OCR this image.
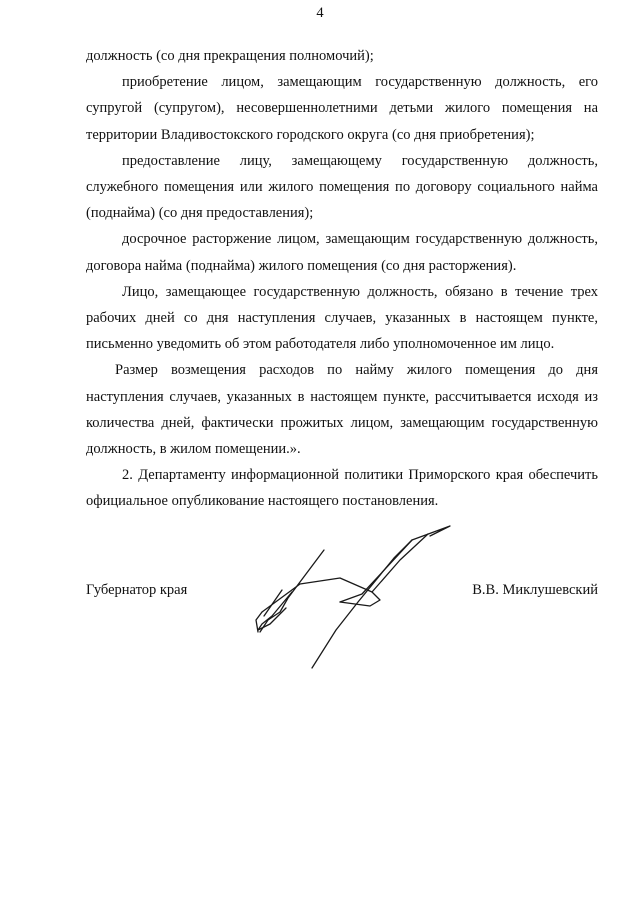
4

должность (со дня прекращения полномочий);

приобретение лицом, замещающим государственную должность, его супругой (супругом), несовершеннолетними детьми жилого помещения на территории Владивостокского городского округа (со дня приобретения);

предоставление лицу, замещающему государственную должность, служебного помещения или жилого помещения по договору социального найма (поднайма) (со дня предоставления);

досрочное расторжение лицом, замещающим государственную должность, договора найма (поднайма) жилого помещения (со дня расторжения).

Лицо, замещающее государственную должность, обязано в течение трех рабочих дней со дня наступления случаев, указанных в настоящем пункте, письменно уведомить об этом работодателя либо уполномоченное им лицо.

Размер возмещения расходов по найму жилого помещения до дня наступления случаев, указанных в настоящем пункте, рассчитывается исходя из количества дней, фактически прожитых лицом, замещающим государственную должность, в жилом помещении.».

2. Департаменту информационной политики Приморского края обеспечить официальное опубликование настоящего постановления.

Губернатор края	В.В. Миклушевский
